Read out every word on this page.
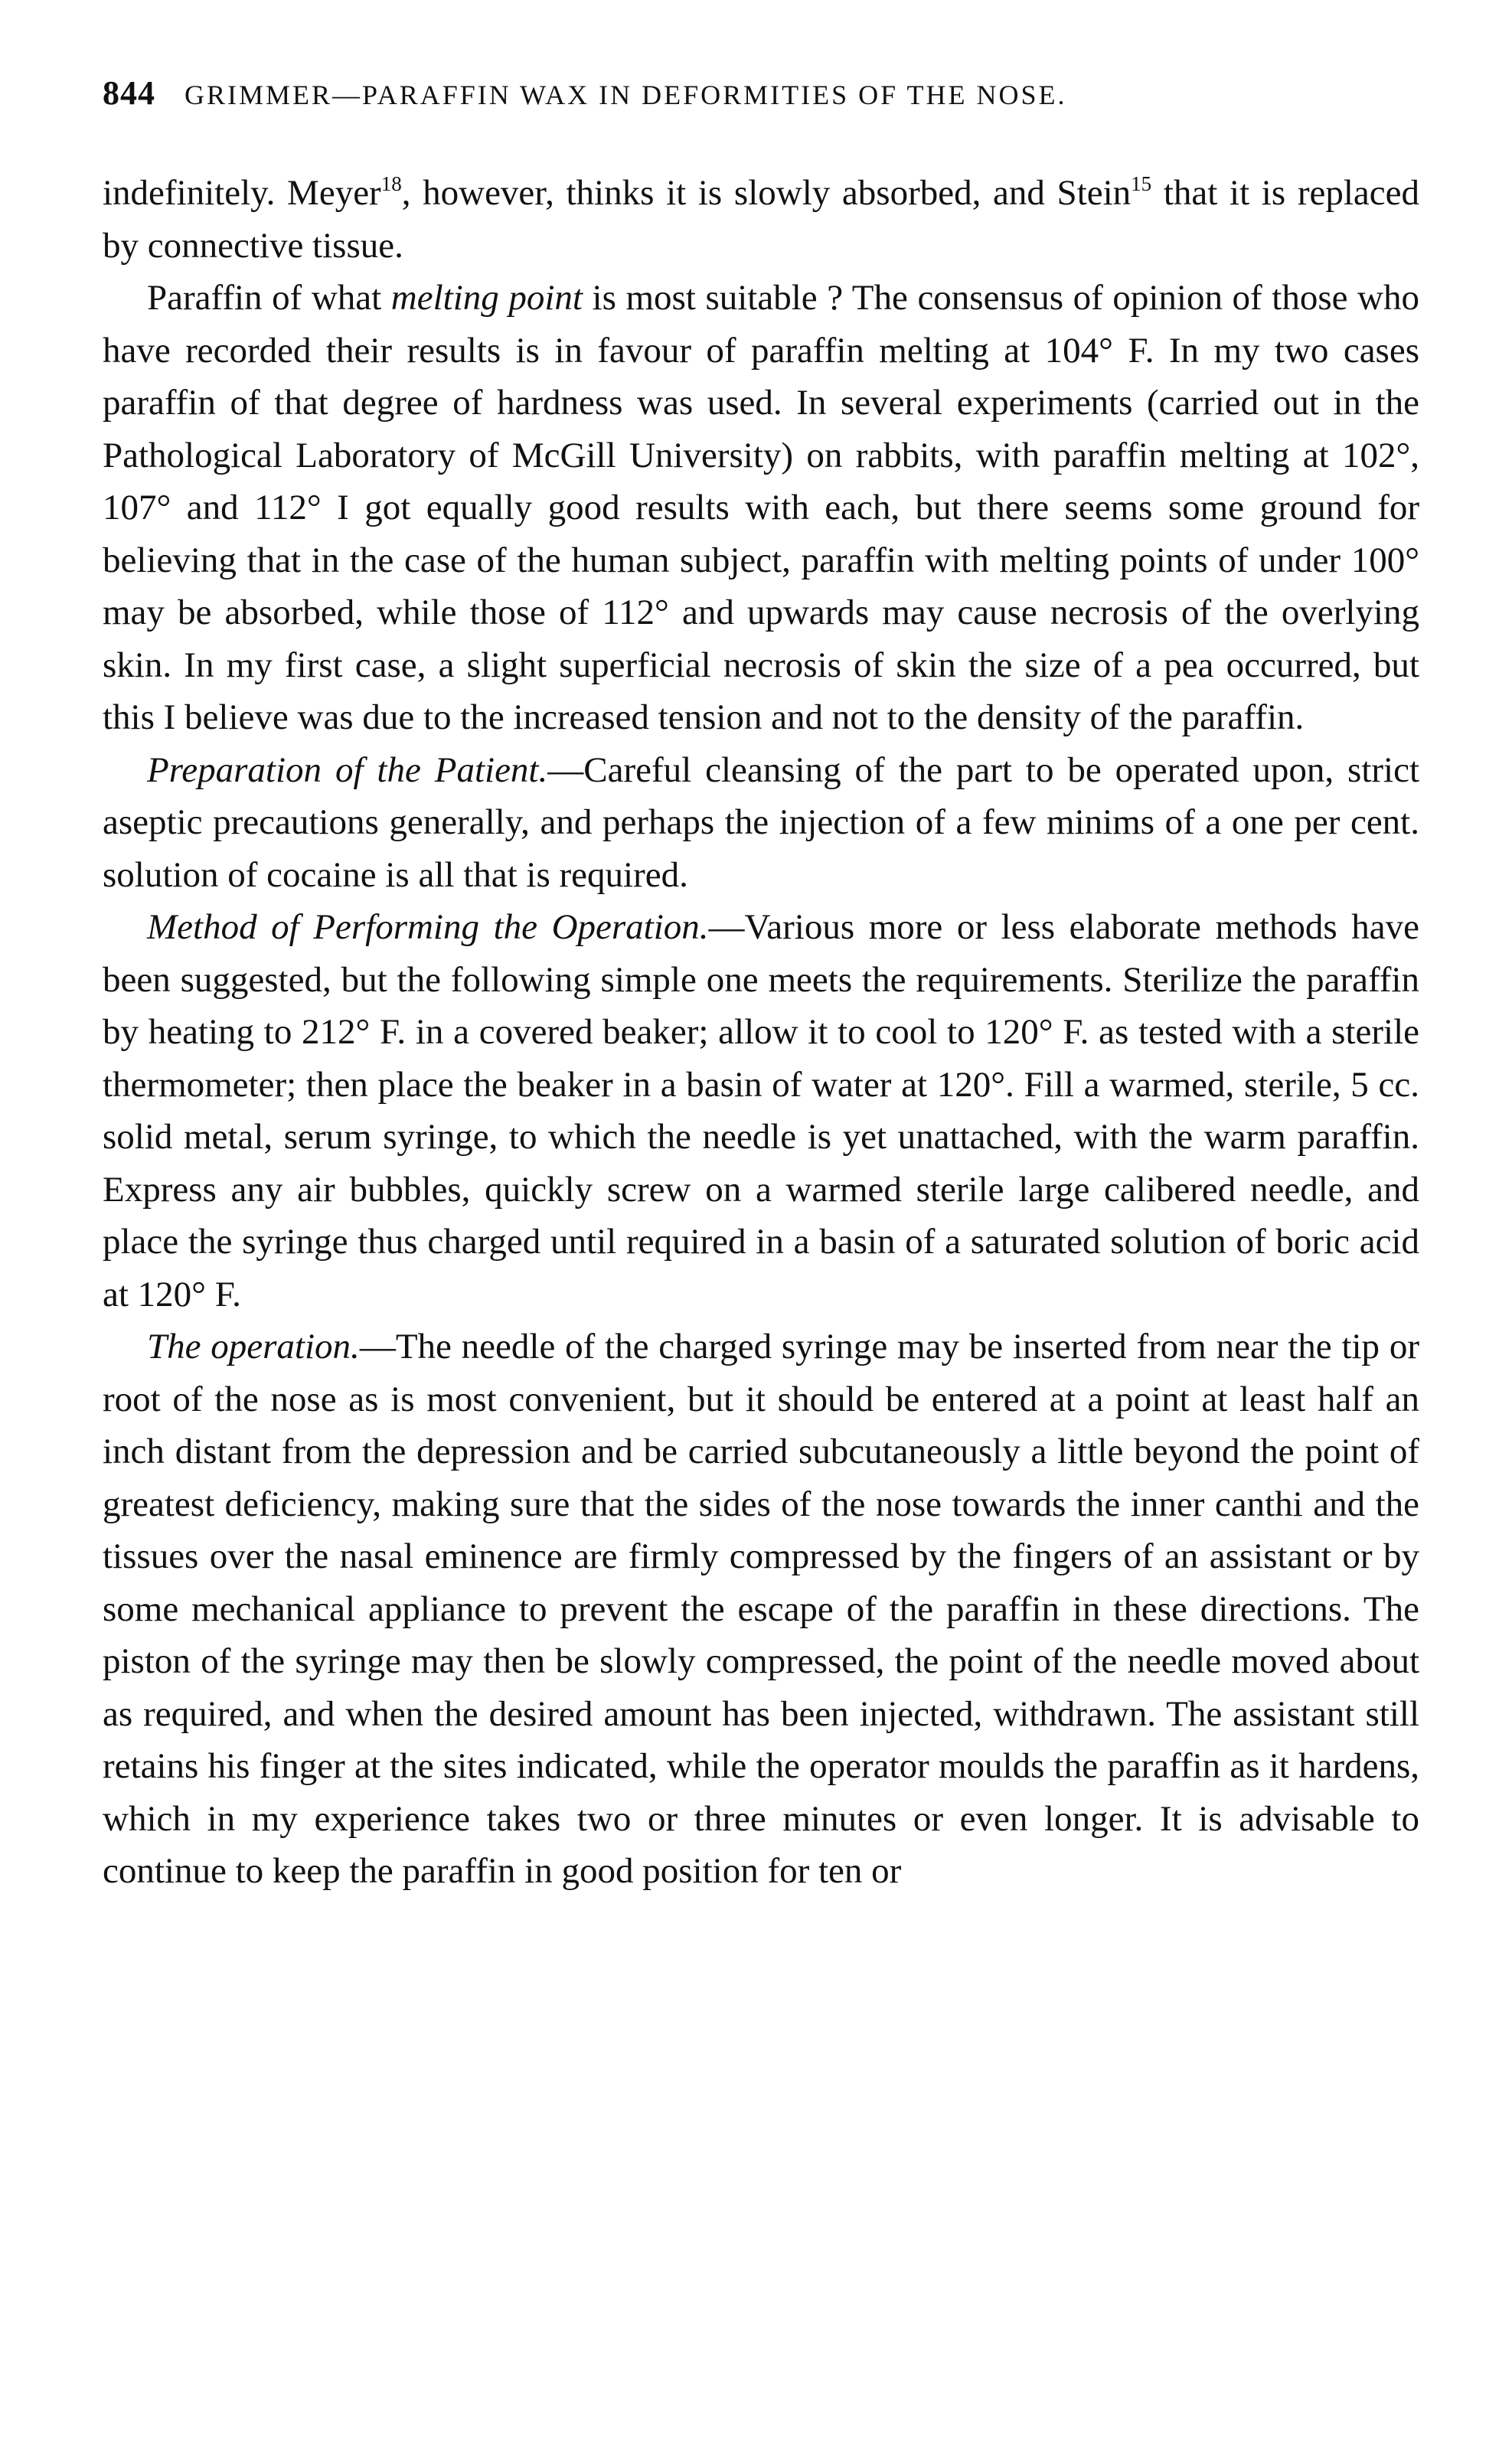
844 GRIMMER—PARAFFIN WAX IN DEFORMITIES OF THE NOSE.

indefinitely. Meyer$^{18}$, however, thinks it is slowly absorbed, and Stein$^{15}$ that it is replaced by connective tissue.

Paraffin of what melting point is most suitable ? The consensus of opinion of those who have recorded their results is in favour of paraffin melting at 104° F. In my two cases paraffin of that degree of hardness was used. In several experiments (carried out in the Pathological Laboratory of McGill University) on rabbits, with paraffin melting at 102°, 107° and 112° I got equally good results with each, but there seems some ground for believing that in the case of the human subject, paraffin with melting points of under 100° may be absorbed, while those of 112° and upwards may cause necrosis of the overlying skin. In my first case, a slight superficial necrosis of skin the size of a pea occurred, but this I believe was due to the increased tension and not to the density of the paraffin.

Preparation of the Patient.—Careful cleansing of the part to be operated upon, strict aseptic precautions generally, and perhaps the injection of a few minims of a one per cent. solution of cocaine is all that is required.

Method of Performing the Operation.—Various more or less elaborate methods have been suggested, but the following simple one meets the requirements. Sterilize the paraffin by heating to 212° F. in a covered beaker; allow it to cool to 120° F. as tested with a sterile thermometer; then place the beaker in a basin of water at 120°. Fill a warmed, sterile, 5 cc. solid metal, serum syringe, to which the needle is yet unattached, with the warm paraffin. Express any air bubbles, quickly screw on a warmed sterile large calibered needle, and place the syringe thus charged until required in a basin of a saturated solution of boric acid at 120° F.

The operation.—The needle of the charged syringe may be inserted from near the tip or root of the nose as is most convenient, but it should be entered at a point at least half an inch distant from the depression and be carried subcutaneously a little beyond the point of greatest deficiency, making sure that the sides of the nose towards the inner canthi and the tissues over the nasal eminence are firmly compressed by the fingers of an assistant or by some mechanical appliance to prevent the escape of the paraffin in these directions. The piston of the syringe may then be slowly compressed, the point of the needle moved about as required, and when the desired amount has been injected, withdrawn. The assistant still retains his finger at the sites indicated, while the operator moulds the paraffin as it hardens, which in my experience takes two or three minutes or even longer. It is advisable to continue to keep the paraffin in good position for ten or
